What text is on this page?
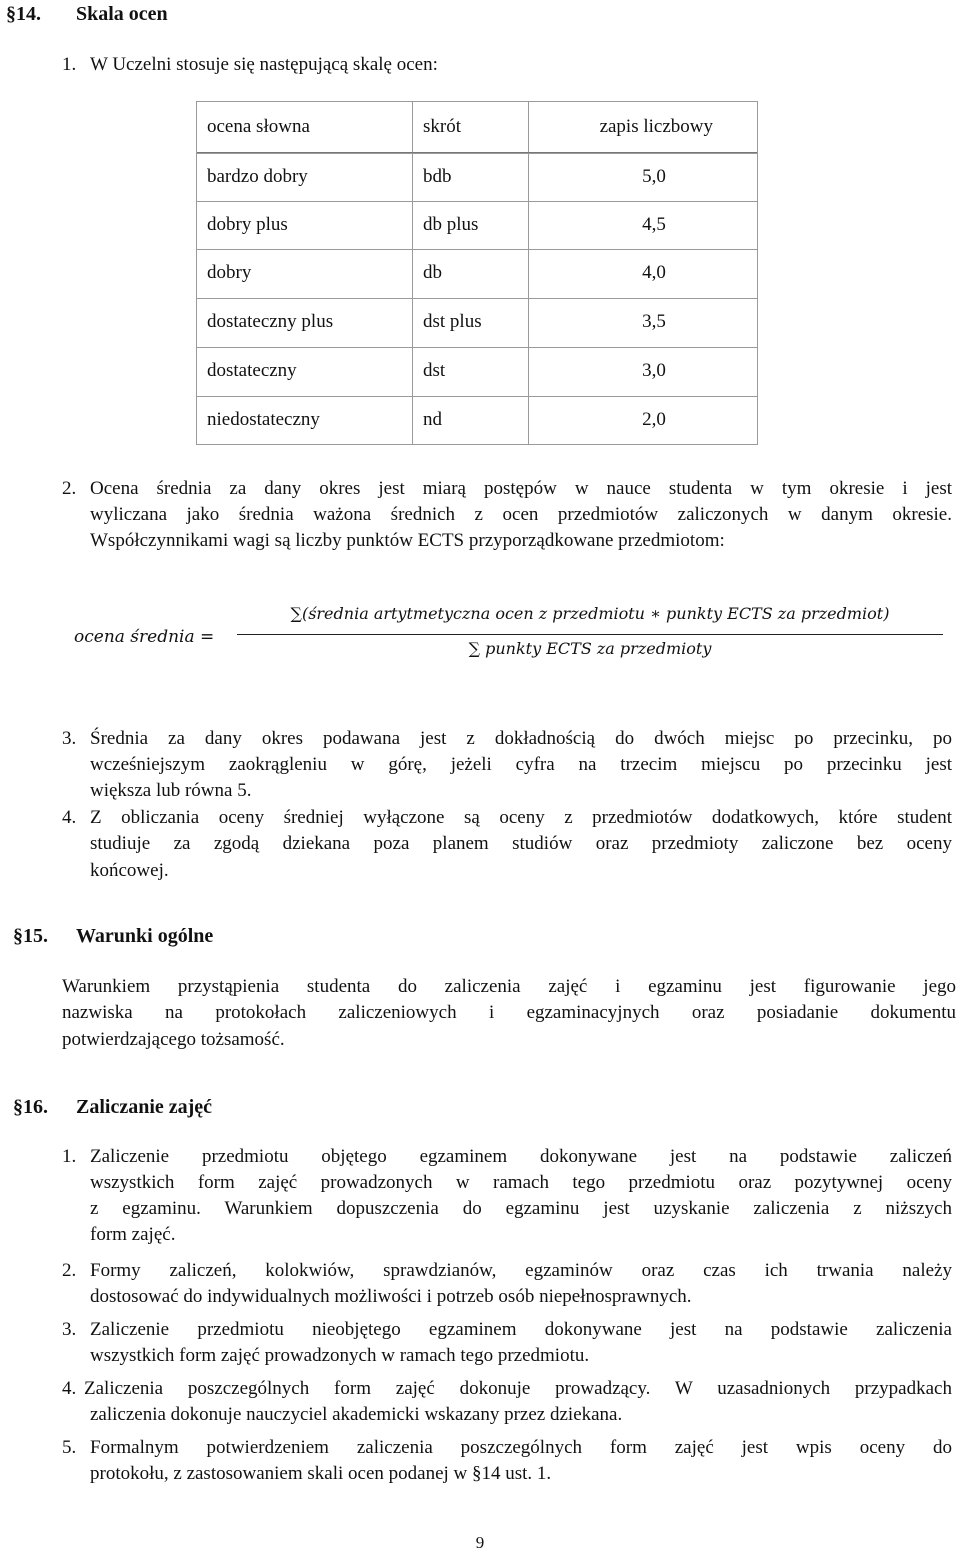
§14. Skala ocen
1. W Uczelni stosuje się następującą skalę ocen:
ocena słowna	skrót	zapis liczbowy
bardzo dobry	bdb	5,0
dobry plus	db plus	4,5
dobry	db	4,0
dostateczny plus	dst plus	3,5
dostateczny	dst	3,0
niedostateczny	nd	2,0
2. Ocena średnia za dany okres jest miarą postępów w nauce studenta w tym okresie i jest
wyliczana jako średnia ważona średnich z ocen przedmiotów zaliczonych w danym okresie.
Współczynnikami wagi są liczby punktów ECTS przyporządkowane przedmiotom:
ocena średnia =
∑(średnia artytmetyczna ocen z przedmiotu ∗ punkty ECTS za przedmiot)
∑ punkty ECTS za przedmioty
3. Średnia za dany okres podawana jest z dokładnością do dwóch miejsc po przecinku, po
wcześniejszym zaokrągleniu w górę, jeżeli cyfra na trzecim miejscu po przecinku jest
większa lub równa 5.
4. Z obliczania oceny średniej wyłączone są oceny z przedmiotów dodatkowych, które student
studiuje za zgodą dziekana poza planem studiów oraz przedmioty zaliczone bez oceny
końcowej.
§15. Warunki ogólne
Warunkiem przystąpienia studenta do zaliczenia zajęć i egzaminu jest figurowanie jego
nazwiska na protokołach zaliczeniowych i egzaminacyjnych oraz posiadanie dokumentu
potwierdzającego tożsamość.
§16. Zaliczanie zajęć
1. Zaliczenie przedmiotu objętego egzaminem dokonywane jest na podstawie zaliczeń
wszystkich form zajęć prowadzonych w ramach tego przedmiotu oraz pozytywnej oceny
z egzaminu. Warunkiem dopuszczenia do egzaminu jest uzyskanie zaliczenia z niższych
form zajęć.
2. Formy zaliczeń, kolokwiów, sprawdzianów, egzaminów oraz czas ich trwania należy
dostosować do indywidualnych możliwości i potrzeb osób niepełnosprawnych.
3. Zaliczenie przedmiotu nieobjętego egzaminem dokonywane jest na podstawie zaliczenia
wszystkich form zajęć prowadzonych w ramach tego przedmiotu.
4. Zaliczenia poszczególnych form zajęć dokonuje prowadzący. W uzasadnionych przypadkach
zaliczenia dokonuje nauczyciel akademicki wskazany przez dziekana.
5. Formalnym potwierdzeniem zaliczenia poszczególnych form zajęć jest wpis oceny do
protokołu, z zastosowaniem skali ocen podanej w §14 ust. 1.
9
